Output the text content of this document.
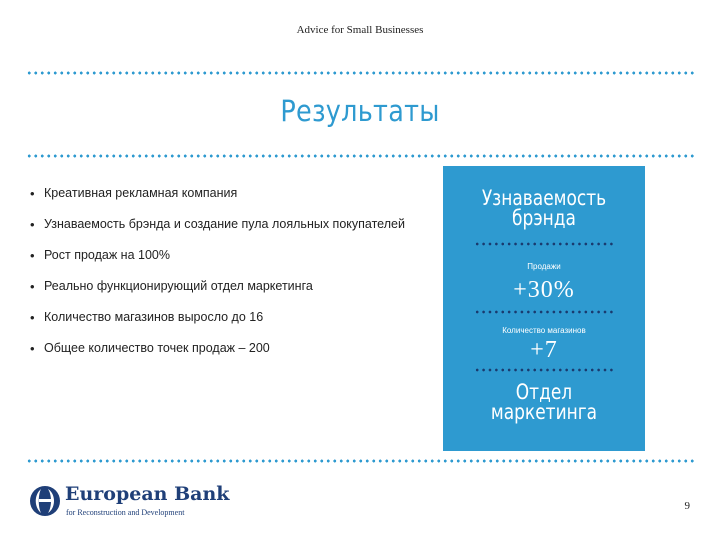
Advice for Small Businesses
Результаты
• Креативная рекламная компания
• Узнаваемость брэнда и создание пула лояльных покупателей
• Рост продаж на 100%
• Реально функционирующий отдел маркетинга
• Количество магазинов выросло до 16
• Общее количество точек продаж – 200
Узнаваемость
брэнда
Продажи
+30%
Количество магазинов
+7
Отдел
маркетинга
European Bank
for Reconstruction and Development
9
